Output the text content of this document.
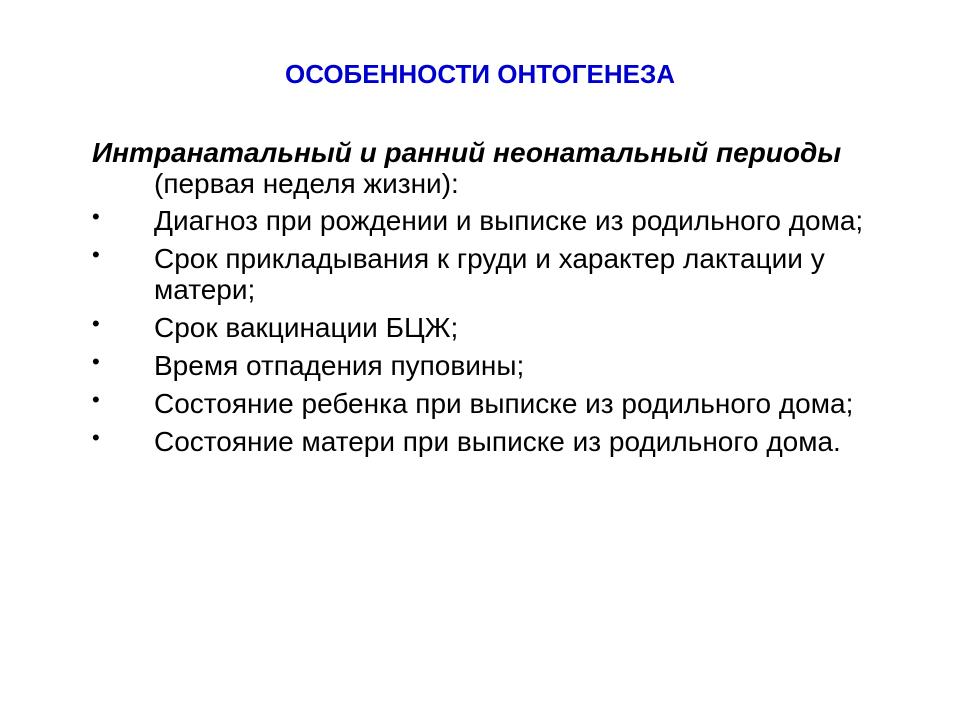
ОСОБЕННОСТИ ОНТОГЕНЕЗА

Интранатальный и ранний неонатальный периоды (первая неделя жизни):

•	Диагноз при рождении и выписке из родильного дома;
•	Срок прикладывания к груди и характер лактации у матери;
•	Срок вакцинации БЦЖ;
•	Время отпадения пуповины;
•	Состояние ребенка при выписке из родильного дома;
•	Состояние матери при выписке из родильного дома.
